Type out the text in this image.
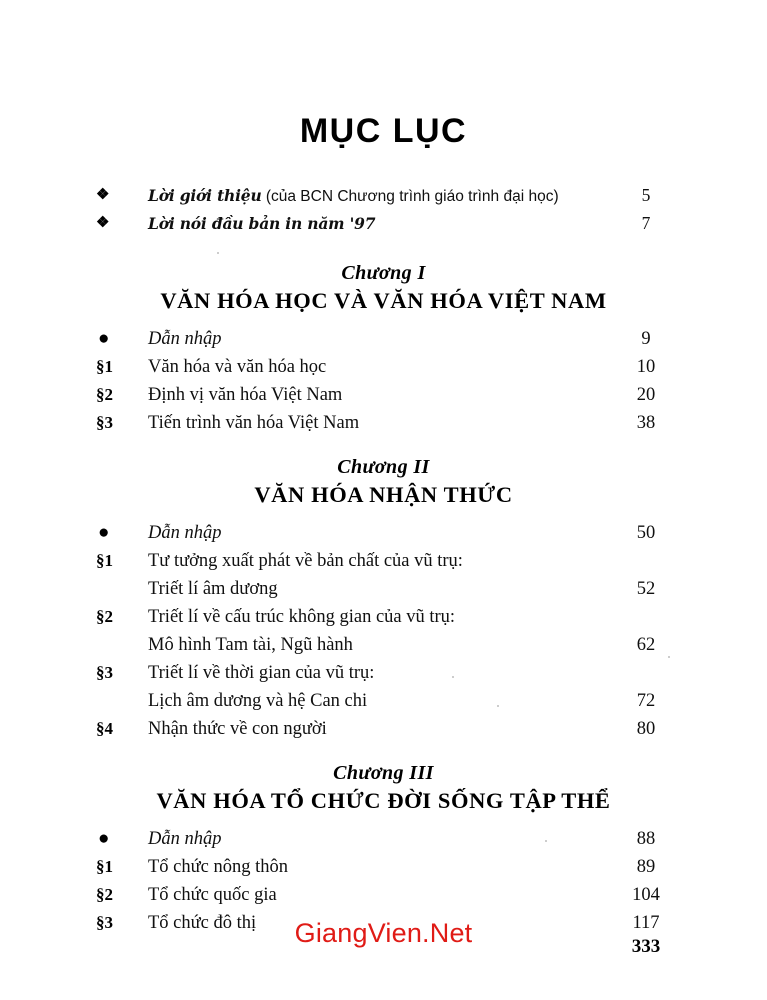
MỤC LỤC
❖	Lời giới thiệu (của BCN Chương trình giáo trình đại học)	5
❖	Lời nói đầu bản in năm '97	7
Chương I
VĂN HÓA HỌC VÀ VĂN HÓA VIỆT NAM
●	Dẫn nhập	9
§1	Văn hóa và văn hóa học	10
§2	Định vị văn hóa Việt Nam	20
§3	Tiến trình văn hóa Việt Nam	38
Chương II
VĂN HÓA NHẬN THỨC
●	Dẫn nhập	50
§1	Tư tưởng xuất phát về bản chất của vũ trụ:
Triết lí âm dương	52
§2	Triết lí về cấu trúc không gian của vũ trụ:
Mô hình Tam tài, Ngũ hành	62
§3	Triết lí về thời gian của vũ trụ:
Lịch âm dương và hệ Can chi	72
§4	Nhận thức về con người	80
Chương III
VĂN HÓA TỔ CHỨC ĐỜI SỐNG TẬP THỂ
●	Dẫn nhập	88
§1	Tổ chức nông thôn	89
§2	Tổ chức quốc gia	104
§3	Tổ chức đô thị	117
GiangVien.Net	333
